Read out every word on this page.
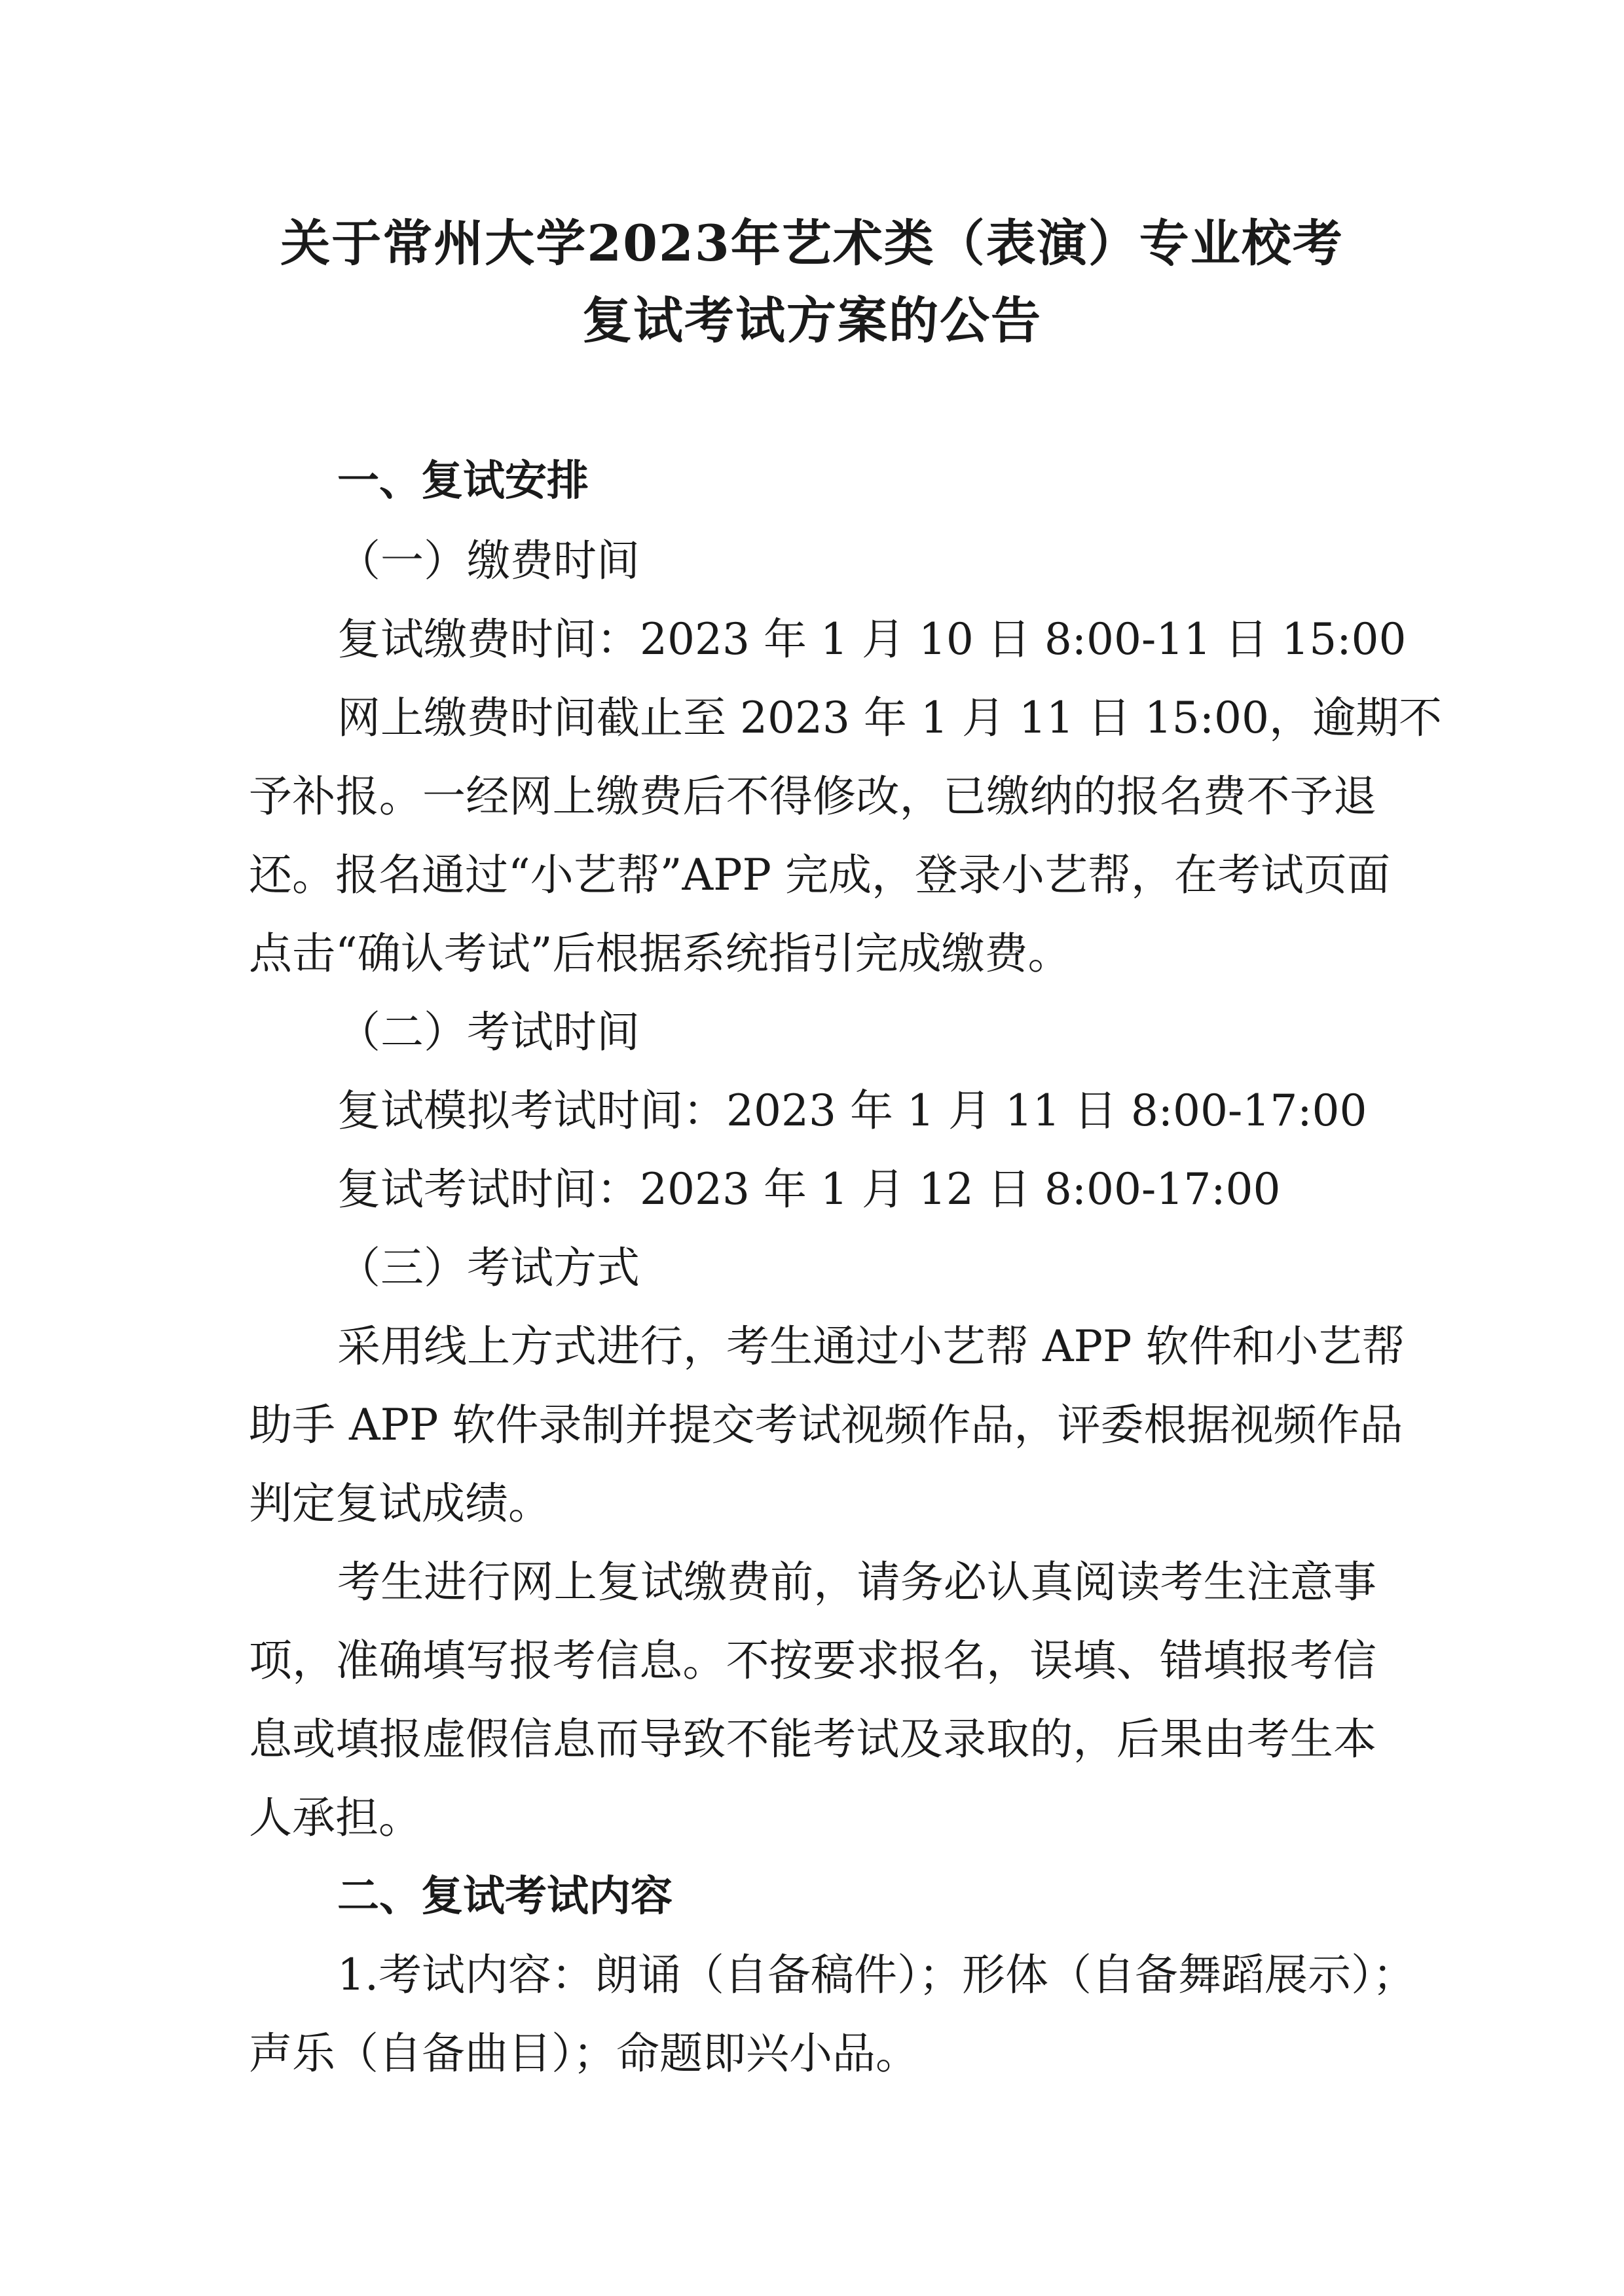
关于常州大学2023年艺术类（表演）专业校考
复试考试方案的公告
一、复试安排
（一）缴费时间
复试缴费时间：2023 年 1 月 10 日 8:00-11 日 15:00
网上缴费时间截止至 2023 年 1 月 11 日 15:00，逾期不
予补报。一经网上缴费后不得修改，已缴纳的报名费不予退
还。报名通过“小艺帮”APP 完成，登录小艺帮，在考试页面
点击“确认考试”后根据系统指引完成缴费。
（二）考试时间
复试模拟考试时间：2023 年 1 月 11 日 8:00-17:00
复试考试时间：2023 年 1 月 12 日 8:00-17:00
（三）考试方式
采用线上方式进行，考生通过小艺帮 APP 软件和小艺帮
助手 APP 软件录制并提交考试视频作品，评委根据视频作品
判定复试成绩。
考生进行网上复试缴费前，请务必认真阅读考生注意事
项，准确填写报考信息。不按要求报名，误填、错填报考信
息或填报虚假信息而导致不能考试及录取的，后果由考生本
人承担。
二、复试考试内容
1.考试内容：朗诵（自备稿件）；形体（自备舞蹈展示）；
声乐（自备曲目）；命题即兴小品。
